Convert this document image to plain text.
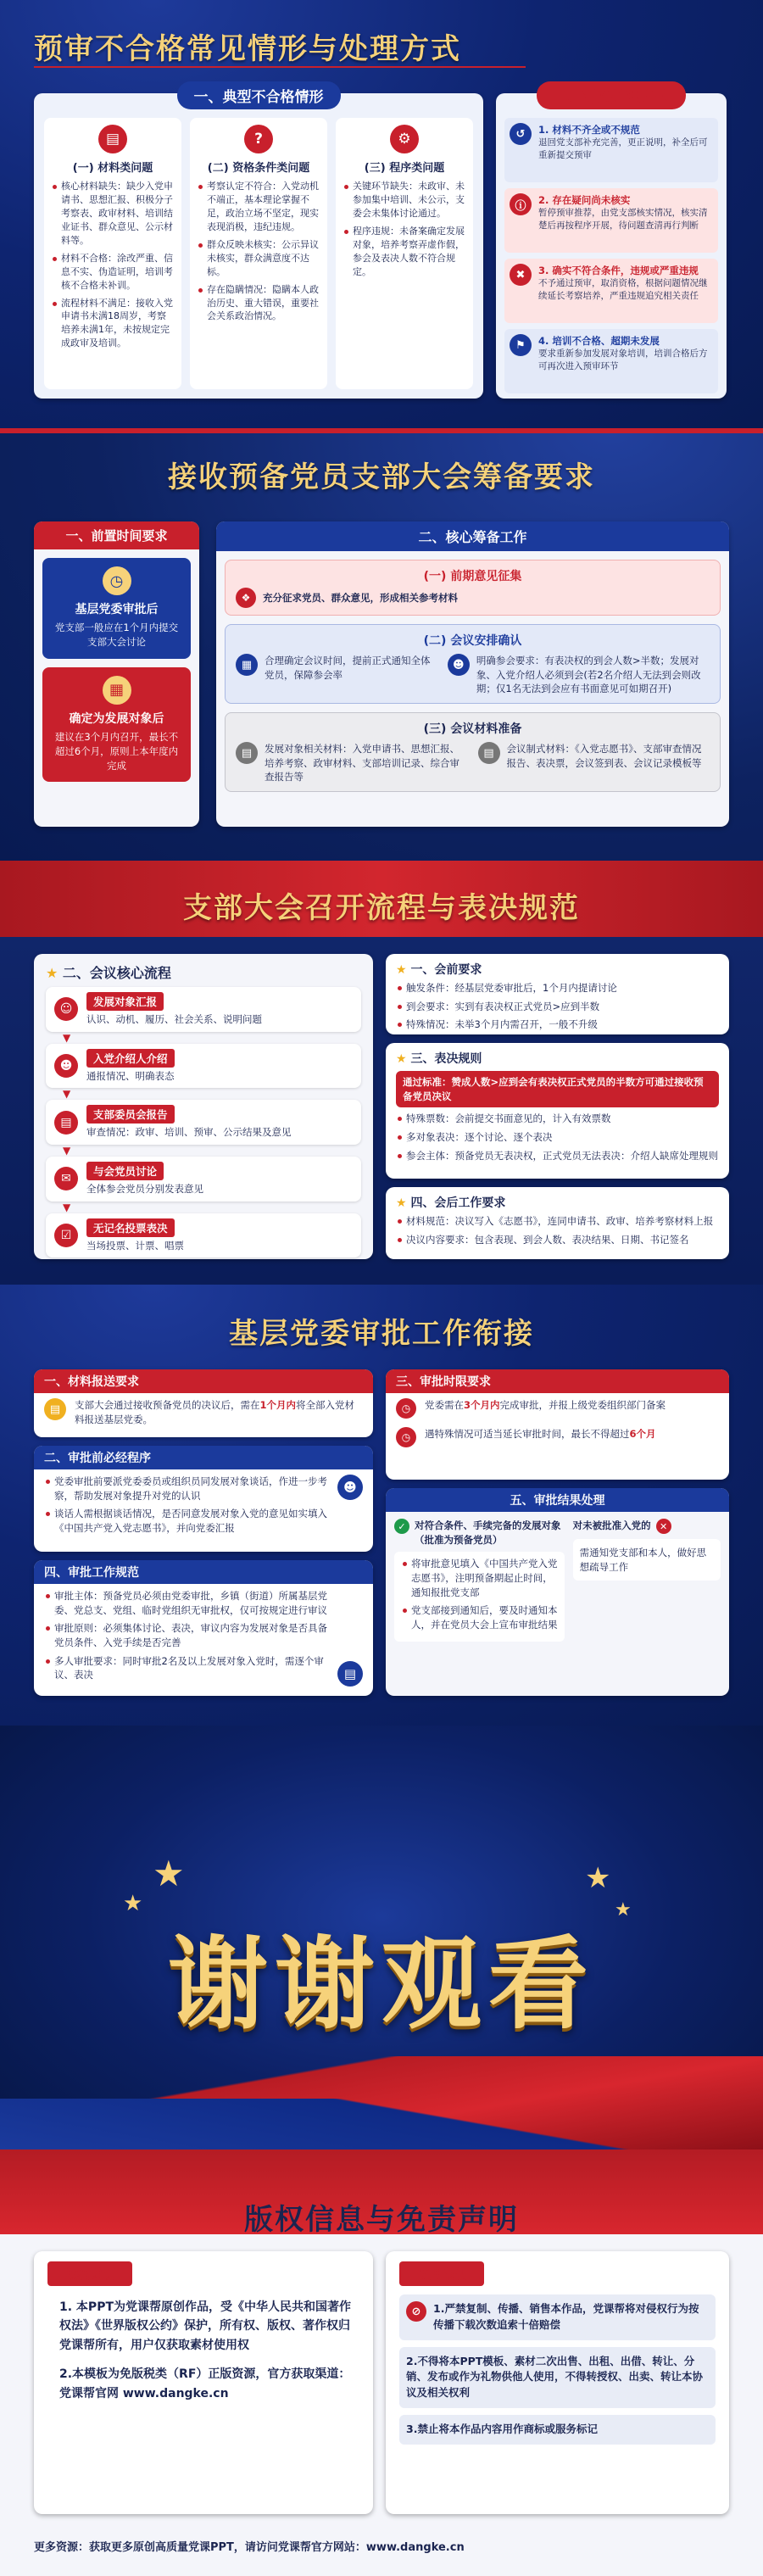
预审不合格常见情形与处理方式
一、典型不合格情形
▤
(一) 材料类问题
核心材料缺失：缺少入党申请书、思想汇报、积极分子考察表、政审材料、培训结业证书、群众意见、公示材料等。
材料不合格：涂改严重、信息不实、伪造证明，培训考核不合格未补训。
流程材料不满足：接收入党申请书未满18周岁，考察培养未满1年，未按规定完成政审及培训。
?
(二) 资格条件类问题
考察认定不符合：入党动机不端正，基本理论掌握不足，政治立场不坚定，现实表现消极，违纪违规。
群众反映未核实：公示异议未核实，群众满意度不达标。
存在隐瞒情况：隐瞒本人政治历史、重大错误，重要社会关系政治情况。
⚙
(三) 程序类问题
关键环节缺失：未政审、未参加集中培训、未公示，支委会未集体讨论通过。
程序违规：未备案确定发展对象，培养考察弄虚作假，参会及表决人数不符合规定。
二、对应处理方式
↺	1. 材料不齐全或不规范
退回党支部补充完善，更正说明，补全后可重新提交预审
ⓘ	2. 存在疑问尚未核实
暂停预审推荐，由党支部核实情况，核实清楚后再按程序开展，待问题查清再行判断
✖	3. 确实不符合条件，违规或严重违规
不予通过预审，取消资格，根据问题情况继续延长考察培养，严重违规追究相关责任
⚑	4. 培训不合格、超期未发展
要求重新参加发展对象培训，培训合格后方可再次进入预审环节
接收预备党员支部大会筹备要求
一、前置时间要求
◷
基层党委审批后
党支部一般应在1个月内提交支部大会讨论
▦
确定为发展对象后
建议在3个月内召开，最长不超过6个月，原则上本年度内完成
二、核心筹备工作
(一) 前期意见征集
❖	充分征求党员、群众意见，形成相关参考材料
(二) 会议安排确认
▦	合理确定会议时间，提前正式通知全体党员，保障参会率
☻	明确参会要求：有表决权的到会人数>半数；发展对象、入党介绍人必须到会(若2名介绍人无法到会则改期；仅1名无法到会应有书面意见可如期召开)
(三) 会议材料准备
▤	发展对象相关材料：入党申请书、思想汇报、培养考察、政审材料、支部培训记录、综合审查报告等
▤	会议制式材料：《入党志愿书》、支部审查情况报告、表决票，会议签到表、会议记录模板等
支部大会召开流程与表决规范
★ 二、会议核心流程
☺
发展对象汇报
认识、动机、履历、社会关系、说明问题
▼
☻
入党介绍人介绍
通报情况、明确表态
▼
▤
支部委员会报告
审查情况：政审、培训、预审、公示结果及意见
▼
✉
与会党员讨论
全体参会党员分别发表意见
▼
☑
无记名投票表决
当场投票、计票、唱票
★ 一、会前要求
触发条件：经基层党委审批后，1个月内提请讨论
到会要求：实到有表决权正式党员>应到半数
特殊情况：未举3个月内需召开，一般不升级
★ 三、表决规则
通过标准：赞成人数>应到会有表决权正式党员的半数方可通过接收预备党员决议
特殊票数：会前提交书面意见的，计入有效票数
多对象表决：逐个讨论、逐个表决
参会主体：预备党员无表决权，正式党员无法表决：介绍人缺席处理规则
★ 四、会后工作要求
材料规范：决议写入《志愿书》，连同申请书、政审、培养考察材料上报
决议内容要求：包含表现、到会人数、表决结果、日期、书记签名
基层党委审批工作衔接
一、材料报送要求
▤	支部大会通过接收预备党员的决议后，需在1个月内将全部入党材料报送基层党委。
二、审批前必经程序
党委审批前要派党委委员或组织员同发展对象谈话，作进一步考察，帮助发展对象提升对党的认识
谈话人需根据谈话情况，是否同意发展对象入党的意见如实填入《中国共产党入党志愿书》，并向党委汇报
☻
四、审批工作规范
审批主体：预备党员必须由党委审批，乡镇（街道）所属基层党委、党总支、党组、临时党组织无审批权，仅可按规定进行审议
审批原则：必须集体讨论、表决，审议内容为发展对象是否具备党员条件、入党手续是否完善
多人审批要求：同时审批2名及以上发展对象入党时，需逐个审议、表决	▤
三、审批时限要求
◷	党委需在3个月内完成审批，并报上级党委组织部门备案
◷	遇特殊情况可适当延长审批时间，最长不得超过6个月
五、审批结果处理
✓ 对符合条件、手续完备的发展对象（批准为预备党员）
将审批意见填入《中国共产党入党志愿书》，注明预备期起止时间，通知报批党支部
党支部接到通知后，要及时通知本人，并在党员大会上宣布审批结果
对未被批准入党的 ✕
需通知党支部和本人，做好思想疏导工作
★
★
★
★
谢谢观看
版权信息与免责声明
版权说明
1. 本PPT为党课帮原创作品，受《中华人民共和国著作权法》《世界版权公约》保护，所有权、版权、著作权归党课帮所有，用户仅获取素材使用权
2.本模板为免版税类（RF）正版资源，官方获取渠道：党课帮官网 www.dangke.cn
使用限制
⊘	1.严禁复制、传播、销售本作品，党课帮将对侵权行为按传播下载次数追索十倍赔偿
2.不得将本PPT模板、素材二次出售、出租、出借、转让、分销、发布或作为礼物供他人使用，不得转授权、出卖、转让本协议及相关权利
3.禁止将本作品内容用作商标或服务标记
更多资源：获取更多原创高质量党课PPT，请访问党课帮官方网站：www.dangke.cn
